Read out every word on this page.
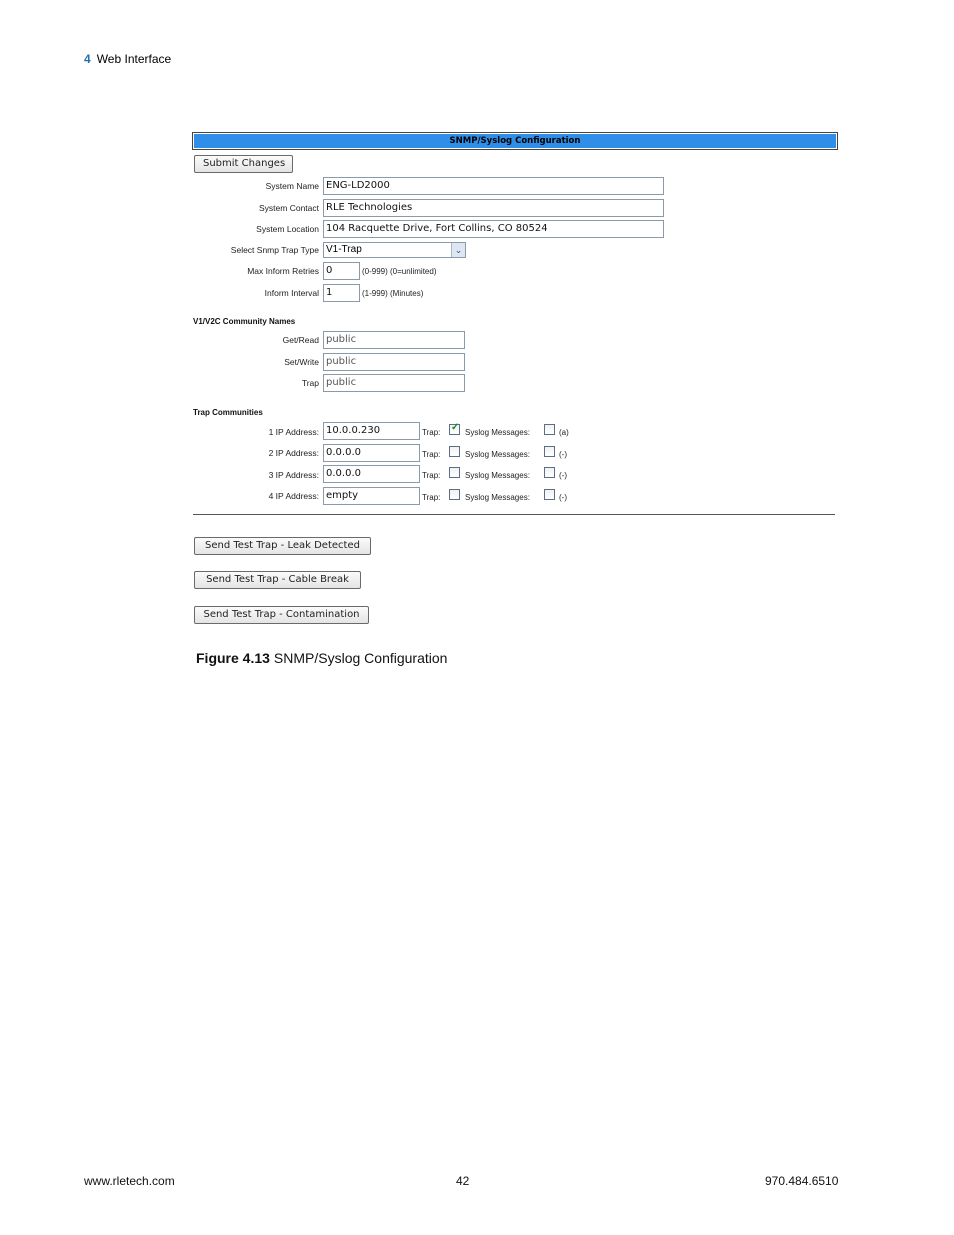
4 Web Interface
SNMP/Syslog Configuration
Submit Changes
System Name ENG-LD2000
System Contact RLE Technologies
System Location 104 Racquette Drive, Fort Collins, CO 80524
Select Snmp Trap Type V1-Trap	⌄
Max Inform Retries 0	(0-999) (0=unlimited)
Inform Interval 1	(1-999) (Minutes)
V1/V2C Community Names
Get/Read public
Set/Write public
Trap public
Trap Communities
1 IP Address: 10.0.0.230	Trap:
✓	Syslog Messages:	(a)
2 IP Address: 0.0.0.0	Trap:	Syslog Messages:	(-)
3 IP Address: 0.0.0.0	Trap:	Syslog Messages:	(-)
4 IP Address: empty	Trap:	Syslog Messages:	(-)
Send Test Trap - Leak Detected
Send Test Trap - Cable Break
Send Test Trap - Contamination
Figure 4.13 SNMP/Syslog Configuration
www.rletech.com	42	970.484.6510
